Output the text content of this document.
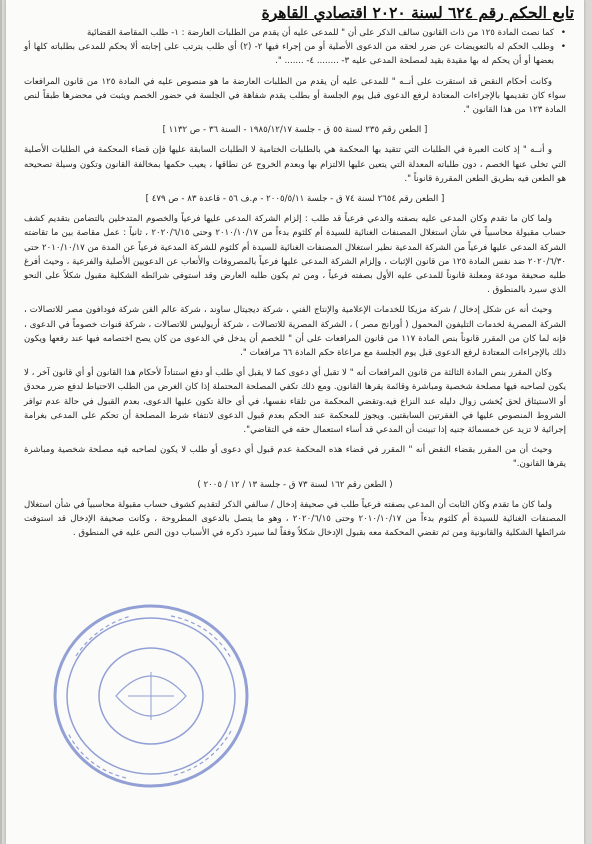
تابع الحكم رقم ٦٢٤ لسنة ٢٠٢٠ اقتصادي القاهرة

•
كما نصت المادة ١٢٥ من ذات القانون سالف الذكر على أن " للمدعى عليه أن يقدم من الطلبات العارضة : ١- طلب المقاصة القضائية

•
وطلب الحكم له بالتعويضات عن ضرر لحقه من الدعوى الأصلية أو من إجراء فيها ٢- (٢) أي طلب يترتب على إجابته ألا يحكم للمدعى بطلباته كلها أو بعضها أو أن يحكم له بها مقيدة بقيد لمصلحة المدعى عليه ٣- ........ ٤- ....... ".

وكانت أحكام النقض قد استقرت على أنــه " للمدعى عليه أن يقدم من الطلبات العارضة ما هو منصوص عليه في المادة ١٢٥ من قانون المرافعات سواء كان تقديمها بالإجراءات المعتادة لرفع الدعوى قبل يوم الجلسة أو بطلب يقدم شفاهة في الجلسة في حضور الخصم ويثبت في محضرها طبقاً لنص المادة ١٢٣ من هذا القانون ".

[ الطعن رقم ٢٣٥ لسنة ٥٥ ق - جلسة ١٩٨٥/١٢/١٧ - السنة ٣٦ - ص ١١٣٢ ]

و أنــه " إذ كانت العبرة في الطلبات التي تتقيد بها المحكمة هي بالطلبات الختامية لا الطلبات السابقة عليها فإن قضاء المحكمة في الطلبات الأصلية التي تخلى عنها الخصم ، دون طلباته المعدلة التي يتعين عليها الالتزام بها وبعدم الخروج عن نطاقها ، يعيب حكمها بمخالفة القانون وتكون وسيلة تصحيحه هو الطعن فيه بطريق الطعن المقررة قانوناً ".

[ الطعن رقم ٢٦٥٤ لسنة ٧٤ ق - جلسة ٢٠٠٥/٥/١١ - م.ف ٥٦ - قاعدة ٨٣ - ص ٤٧٩ ]

ولما كان ما تقدم وكان المدعى عليه بصفته والدعي فرعياً قد طلب : إلزام الشركة المدعى عليها فرعياً والخصوم المتدخلين بالتضامن بتقديم كشف حساب مقبولة محاسبياً في شأن استغلال المصنفات الغنائية للسيدة أم كلثوم بدءاً من ٢٠١٠/١٠/١٧ وحتى ٢٠٢٠/٦/١٥ ، ثانياً : عمل مقاصة بين ما تقاضته الشركة المدعى عليها فرعياً من الشركة المدعية نظير استغلال المصنفات الغنائية للسيدة أم كلثوم للشركة المدعية فرعياً عن المدة من ٢٠١٠/١٠/١٧ حتى ٢٠٢٠/٦/٣٠ ضد نفس المادة ١٢٥ من قانون الإثبات ، وإلزام الشركة المدعى عليها فرعياً بالمصروفات والأتعاب عن الدعويين الأصلية والفرعية ، وحيث أفرغ طلبه صحيفة مودعة ومعلنة قانوناً للمدعى عليه الأول بصفته فرعياً ، ومن ثم يكون طلبه العارض وقد استوفى شرائطه الشكلية مقبول شكلاً على النحو الذي سيرد بالمنطوق .

وحيث أنه عن شكل إدخال / شركة مزيكا للخدمات الإعلامية والإنتاج الفني ، شركة ديجيتال ساوند ، شركة عالم الفن شركة فودافون مصر للاتصالات ، الشركة المصرية لخدمات التليفون المحمول ( أورانج مصر ) ، الشركة المصرية للاتصالات ، شركة أريوليس للاتصالات ، شركة قنوات خصوماً في الدعوى ، فإنه لما كان من المقرر قانوناً بنص المادة ١١٧ من قانون المرافعات على أن " للخصم أن يدخل في الدعوى من كان يصح اختصامه فيها عند رفعها ويكون ذلك بالإجراءات المعتادة لرفع الدعوى قبل يوم الجلسة مع مراعاة حكم المادة ٦٦ مرافعات ".

وكان المقرر بنص المادة الثالثة من قانون المرافعات أنه " لا تقبل أي دعوى كما لا يقبل أي طلب أو دفع استناداً لأحكام هذا القانون أو أي قانون آخر ، لا يكون لصاحبه فيها مصلحة شخصية ومباشرة وقائمة يقرها القانون. ومع ذلك تكفي المصلحة المحتملة إذا كان الغرض من الطلب الاحتياط لدفع ضرر محدق أو الاستيثاق لحق يُخشى زوال دليله عند النزاع فيه.وتقضي المحكمة من تلقاء نفسها، في أي حالة تكون عليها الدعوى، بعدم القبول في حالة عدم توافر الشروط المنصوص عليها في الفقرتين السابقتين. ويجوز للمحكمة عند الحكم بعدم قبول الدعوى لانتفاء شرط المصلحة أن تحكم على المدعى بغرامة إجرائية لا تزيد عن خمسمائة جنيه إذا تبينت أن المدعي قد أساء استعمال حقه في التقاضي".

وحيث أن من المقرر بقضاء النقض أنه " المقرر في قضاء هذه المحكمة عدم قبول أي دعوى أو طلب لا يكون لصاحبه فيه مصلحة شخصية ومباشرة يقرها القانون."

( الطعن رقم ١٦٢ لسنة ٧٣ ق - جلسة ١٣ / ١٢ / ٢٠٠٥ )

ولما كان ما تقدم وكان الثابت أن المدعى بصفته فرعياً طلب في صحيفة إدخال / سالفي الذكر لتقديم كشوف حساب مقبولة محاسبياً في شأن استغلال المصنفات الغنائية للسيدة أم كلثوم بدءاً من ٢٠١٠/١٠/١٧ وحتى ٢٠٢٠/٦/١٥ ، وهو ما يتصل بالدعوى المطروحة ، وكانت صحيفة الإدخال قد استوفت شرائطها الشكلية والقانونية ومن ثم تقضي المحكمة معه بقبول الإدخال شكلاً وفقاً لما سيرد ذكره في الأسباب دون النص عليه في المنطوق .
